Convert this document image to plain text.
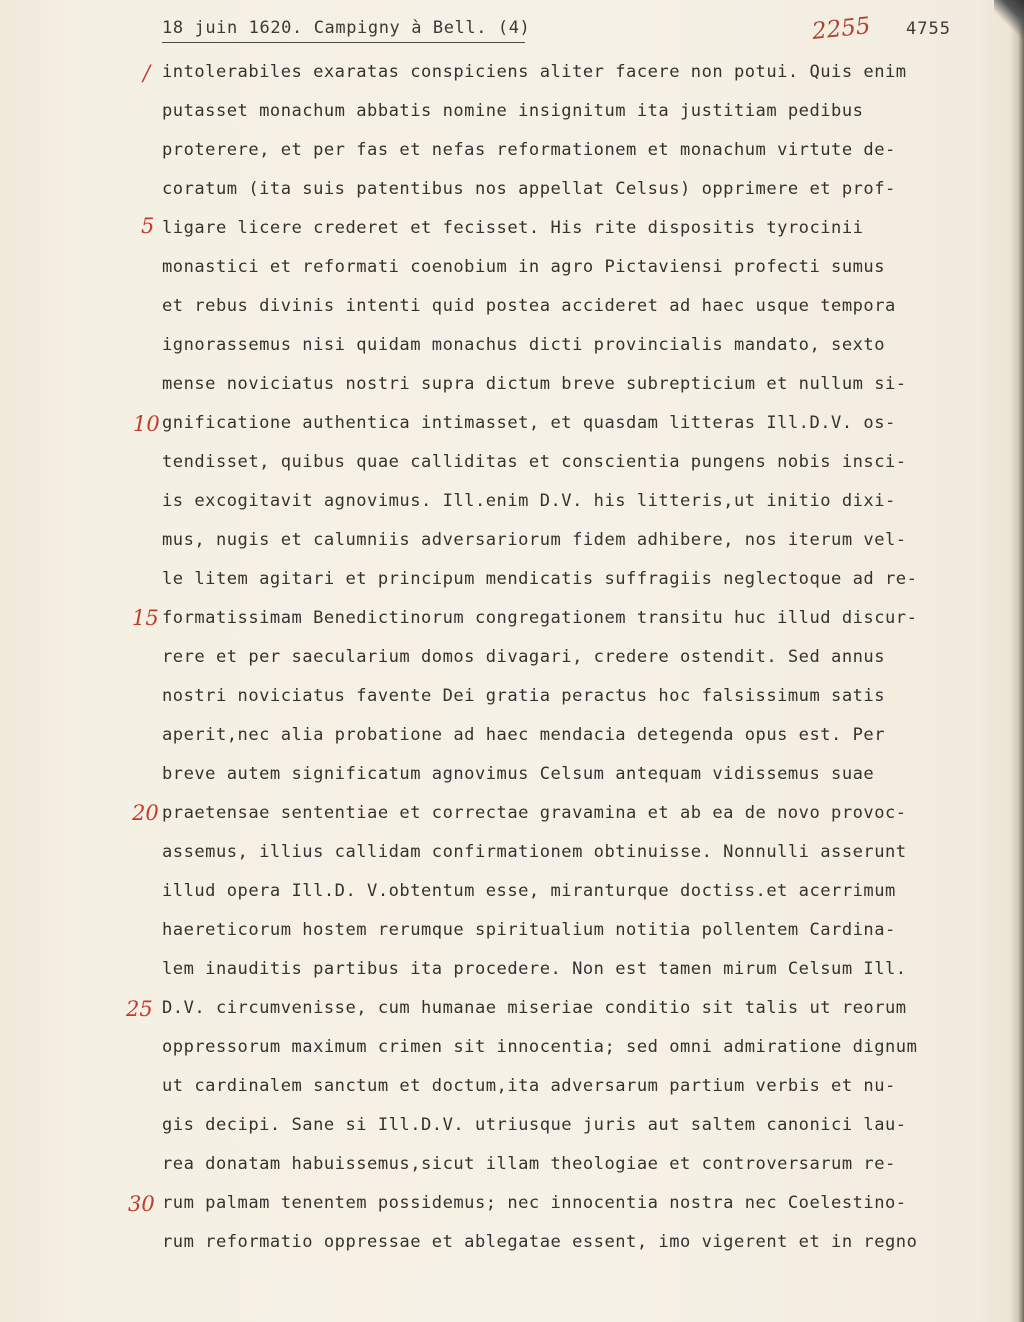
18 juin 1620. Campigny à Bell. (4)	2255 4755
/
5
10
15
20
25
30
intolerabiles exaratas conspiciens aliter facere non potui. Quis enim
putasset monachum abbatis nomine insignitum ita justitiam pedibus
proterere, et per fas et nefas reformationem et monachum virtute de-
coratum (ita suis patentibus nos appellat Celsus) opprimere et prof-
ligare licere crederet et fecisset. His rite dispositis tyrocinii
monastici et reformati coenobium in agro Pictaviensi profecti sumus
et rebus divinis intenti quid postea accideret ad haec usque tempora
ignorassemus nisi quidam monachus dicti provincialis mandato, sexto
mense noviciatus nostri supra dictum breve subrepticium et nullum si-
gnificatione authentica intimasset, et quasdam litteras Ill.D.V. os-
tendisset, quibus quae calliditas et conscientia pungens nobis insci-
is excogitavit agnovimus. Ill.enim D.V. his litteris,ut initio dixi-
mus, nugis et calumniis adversariorum fidem adhibere, nos iterum vel-
le litem agitari et principum mendicatis suffragiis neglectoque ad re-
formatissimam Benedictinorum congregationem transitu huc illud discur-
rere et per saecularium domos divagari, credere ostendit. Sed annus
nostri noviciatus favente Dei gratia peractus hoc falsissimum satis
aperit,nec alia probatione ad haec mendacia detegenda opus est. Per
breve autem significatum agnovimus Celsum antequam vidissemus suae
praetensae sententiae et correctae gravamina et ab ea de novo provoc-
assemus, illius callidam confirmationem obtinuisse. Nonnulli asserunt
illud opera Ill.D. V.obtentum esse, miranturque doctiss.et acerrimum
haereticorum hostem rerumque spiritualium notitia pollentem Cardina-
lem inauditis partibus ita procedere. Non est tamen mirum Celsum Ill.
D.V. circumvenisse, cum humanae miseriae conditio sit talis ut reorum
oppressorum maximum crimen sit innocentia; sed omni admiratione dignum
ut cardinalem sanctum et doctum,ita adversarum partium verbis et nu-
gis decipi. Sane si Ill.D.V. utriusque juris aut saltem canonici lau-
rea donatam habuissemus,sicut illam theologiae et controversarum re-
rum palmam tenentem possidemus; nec innocentia nostra nec Coelestino-
rum reformatio oppressae et ablegatae essent, imo vigerent et in regno
